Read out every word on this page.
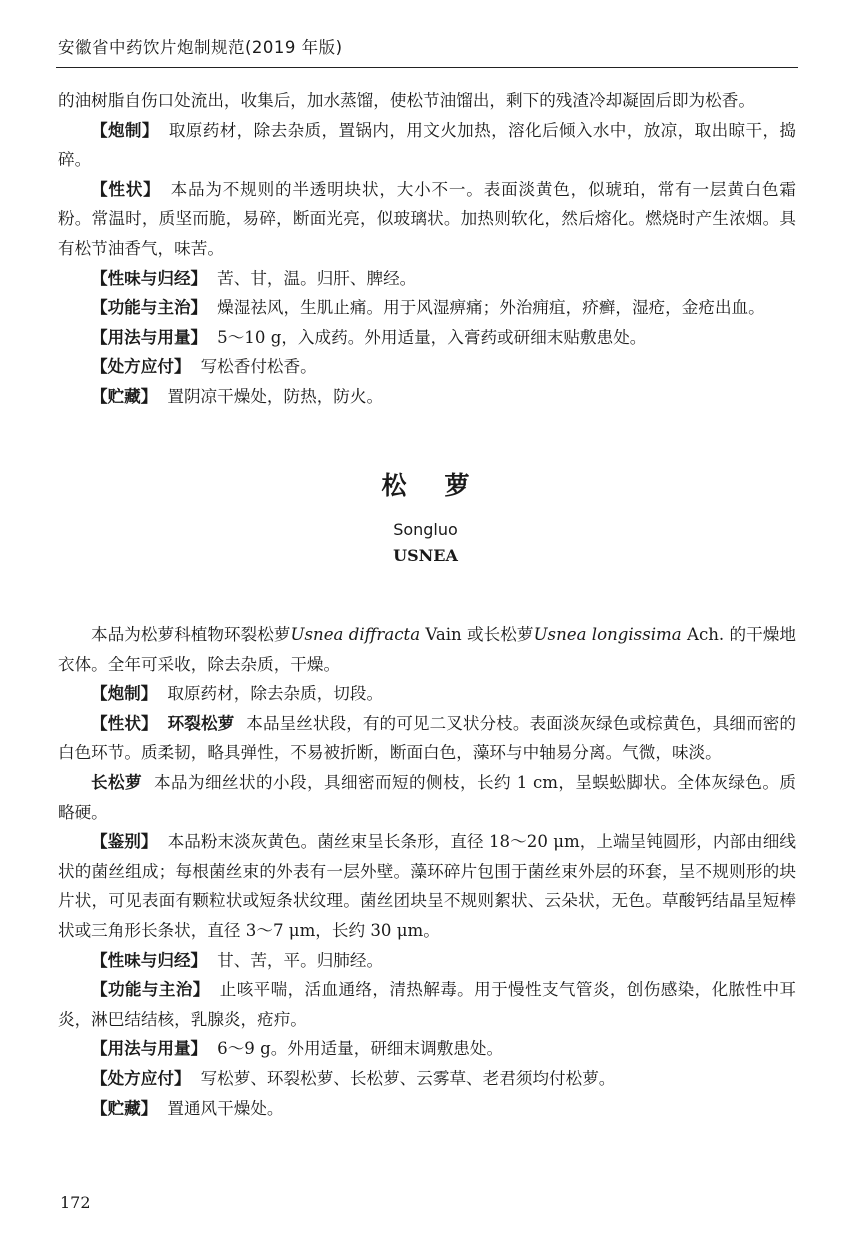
安徽省中药饮片炮制规范(2019 年版)

的油树脂自伤口处流出，收集后，加水蒸馏，使松节油馏出，剩下的残渣冷却凝固后即为松香。

【炮制】 取原药材，除去杂质，置锅内，用文火加热，溶化后倾入水中，放凉，取出晾干，捣碎。

【性状】 本品为不规则的半透明块状，大小不一。表面淡黄色，似琥珀，常有一层黄白色霜粉。常温时，质坚而脆，易碎，断面光亮，似玻璃状。加热则软化，然后熔化。燃烧时产生浓烟。具有松节油香气，味苦。

【性味与归经】 苦、甘，温。归肝、脾经。

【功能与主治】 燥湿祛风，生肌止痛。用于风湿痹痛；外治痈疽，疥癣，湿疮，金疮出血。

【用法与用量】 5～10 g，入成药。外用适量，入膏药或研细末贴敷患处。

【处方应付】 写松香付松香。

【贮藏】 置阴凉干燥处，防热，防火。

松萝
Songluo
USNEA

本品为松萝科植物环裂松萝Usnea diffracta Vain 或长松萝Usnea longissima Ach. 的干燥地衣体。全年可采收，除去杂质，干燥。

【炮制】 取原药材，除去杂质，切段。

【性状】 环裂松萝 本品呈丝状段，有的可见二叉状分枝。表面淡灰绿色或棕黄色，具细而密的白色环节。质柔韧，略具弹性，不易被折断，断面白色，藻环与中轴易分离。气微，味淡。

长松萝 本品为细丝状的小段，具细密而短的侧枝，长约 1 cm，呈蜈蚣脚状。全体灰绿色。质略硬。

【鉴别】 本品粉末淡灰黄色。菌丝束呈长条形，直径 18～20 μm，上端呈钝圆形，内部由细线状的菌丝组成；每根菌丝束的外表有一层外壁。藻环碎片包围于菌丝束外层的环套，呈不规则形的块片状，可见表面有颗粒状或短条状纹理。菌丝团块呈不规则絮状、云朵状，无色。草酸钙结晶呈短棒状或三角形长条状，直径 3～7 μm，长约 30 μm。

【性味与归经】 甘、苦，平。归肺经。

【功能与主治】 止咳平喘，活血通络，清热解毒。用于慢性支气管炎，创伤感染，化脓性中耳炎，淋巴结结核，乳腺炎，疮疖。

【用法与用量】 6～9 g。外用适量，研细末调敷患处。

【处方应付】 写松萝、环裂松萝、长松萝、云雾草、老君须均付松萝。

【贮藏】 置通风干燥处。

172
